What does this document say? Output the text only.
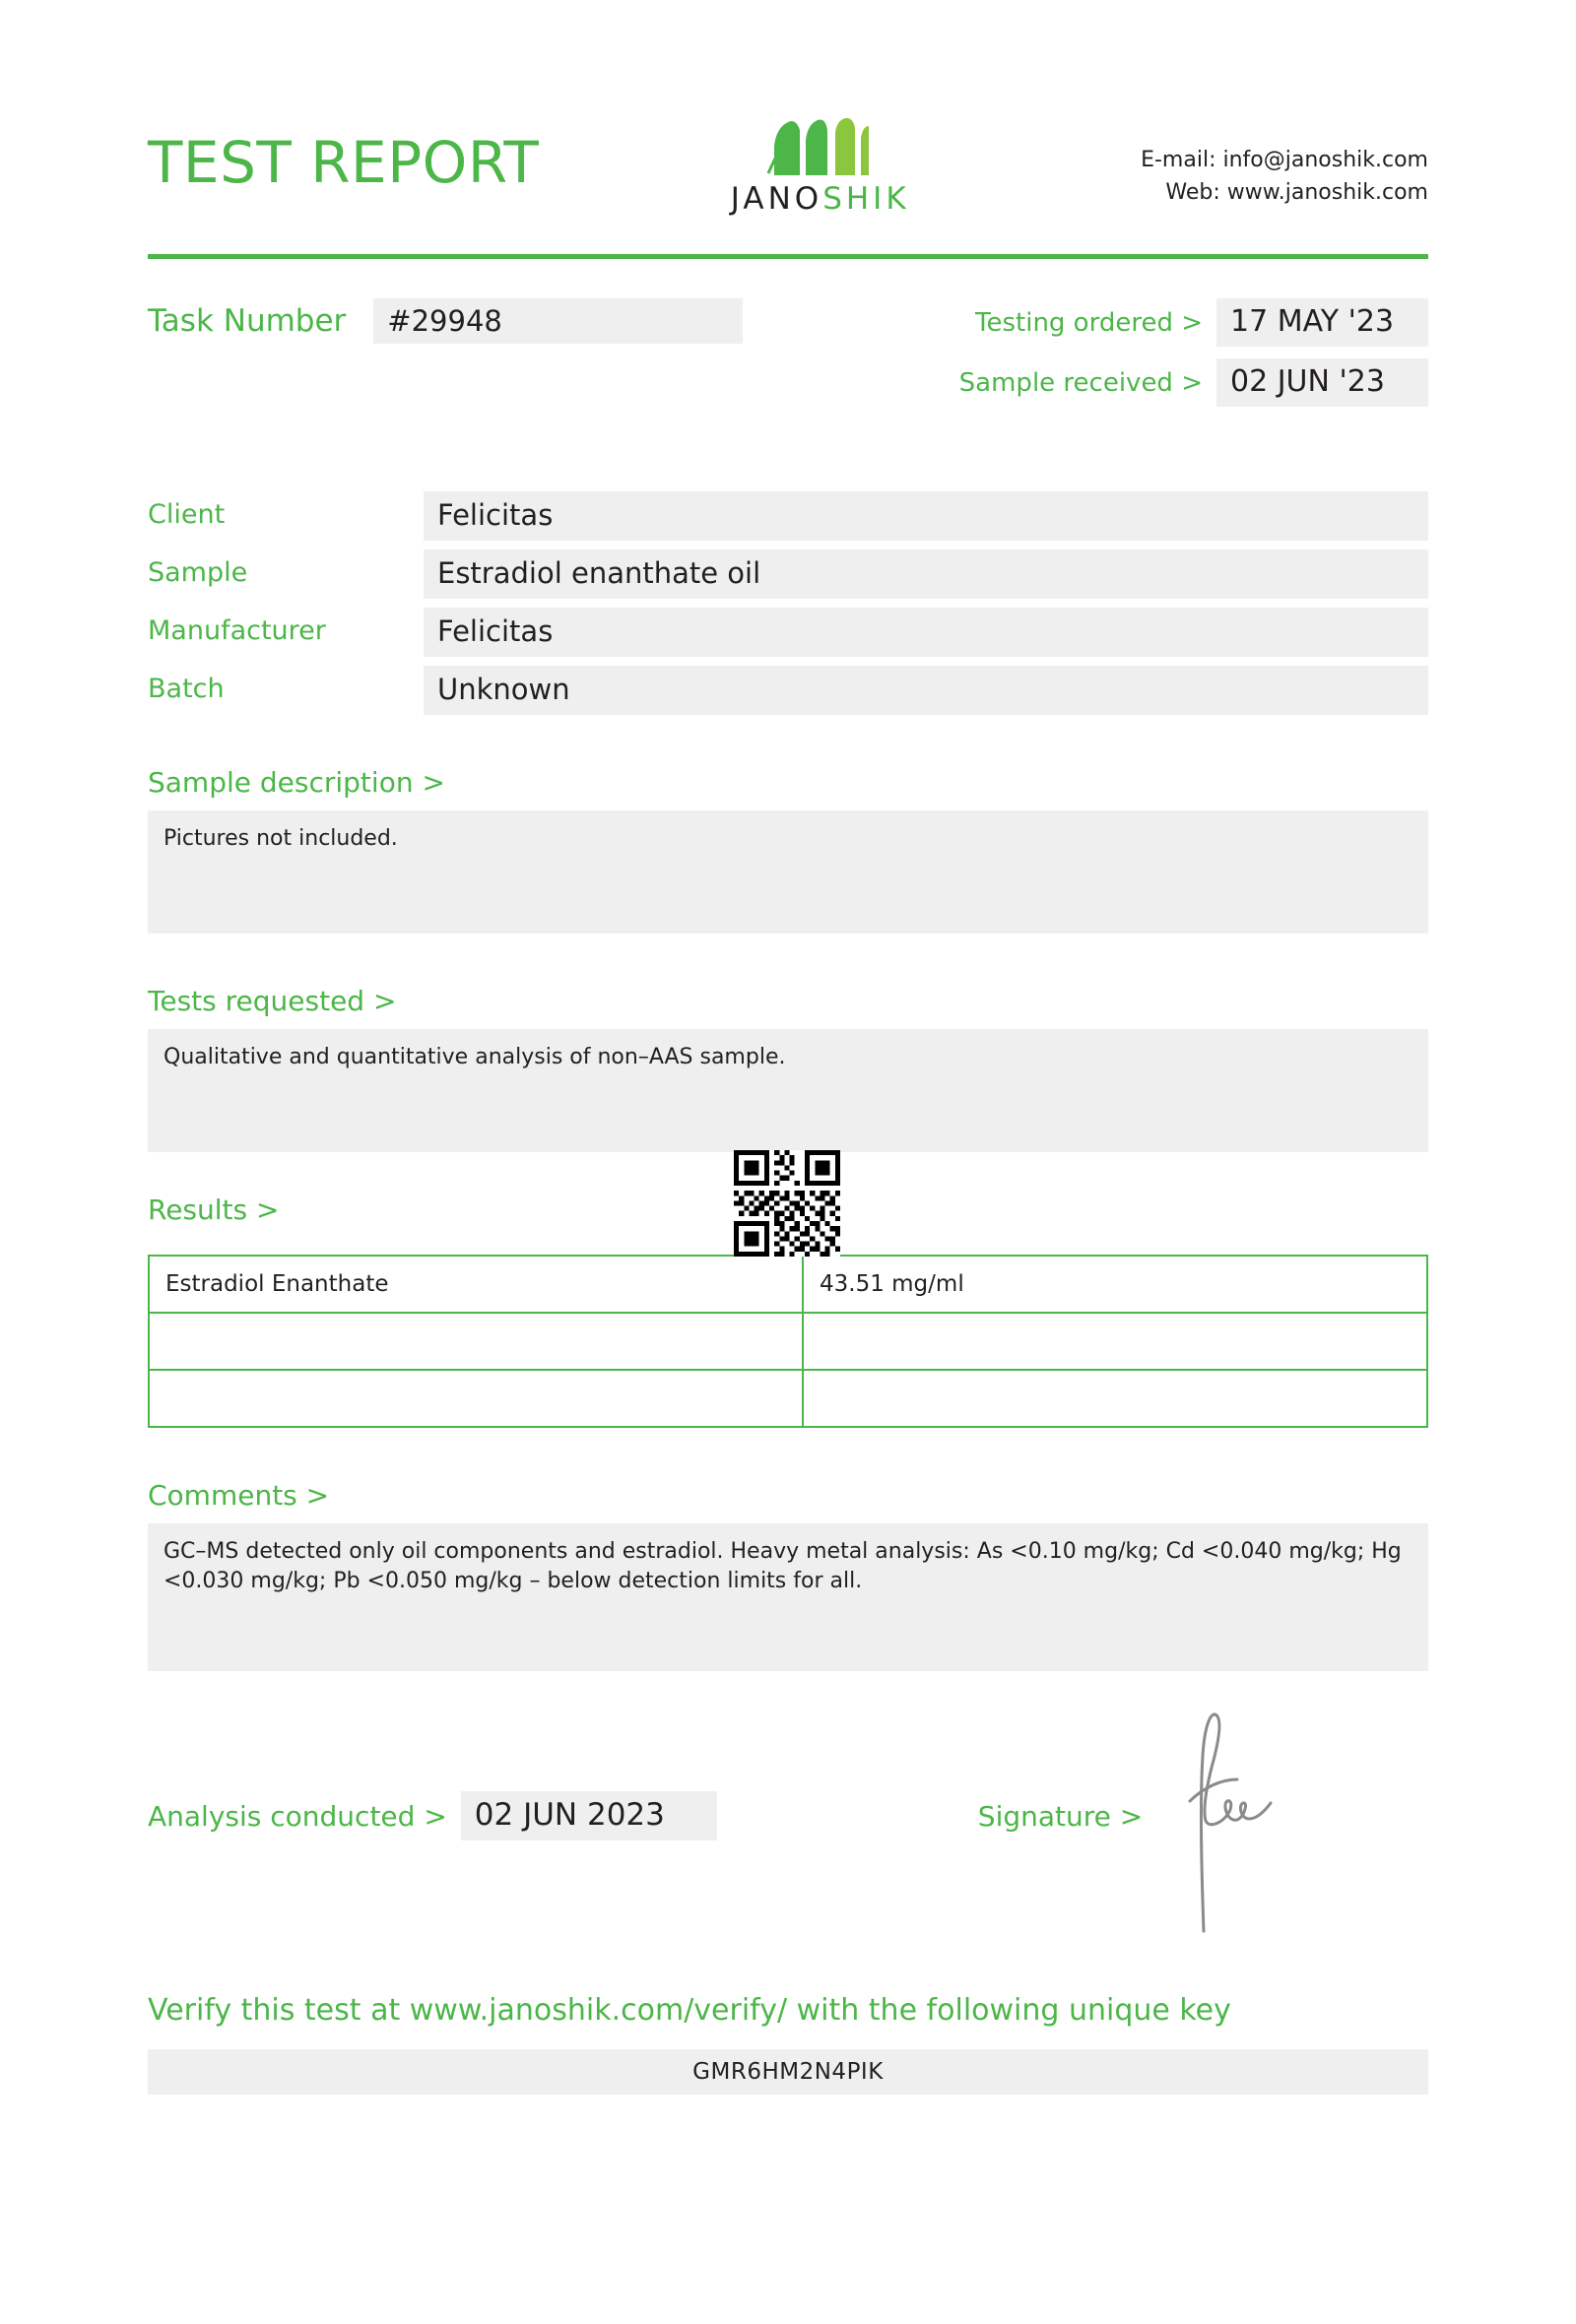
TEST REPORT
JANOSHIK
E-mail: info@janoshik.com
Web: www.janoshik.com
Task Number	#29948	Testing ordered > 17 MAY '23
Sample received > 02 JUN '23
Client	Felicitas
Sample	Estradiol enanthate oil
Manufacturer	Felicitas
Batch	Unknown
Sample description >
Pictures not included.
Tests requested >
Qualitative and quantitative analysis of non–AAS sample.
Results >
Estradiol Enanthate	43.51 mg/ml

Comments >
GC–MS detected only oil components and estradiol. Heavy metal analysis: As <0.10 mg/kg; Cd <0.040 mg/kg; Hg <0.030 mg/kg; Pb <0.050 mg/kg – below detection limits for all.
Analysis conducted > 02 JUN 2023	Signature >
Verify this test at www.janoshik.com/verify/ with the following unique key
GMR6HM2N4PIK
